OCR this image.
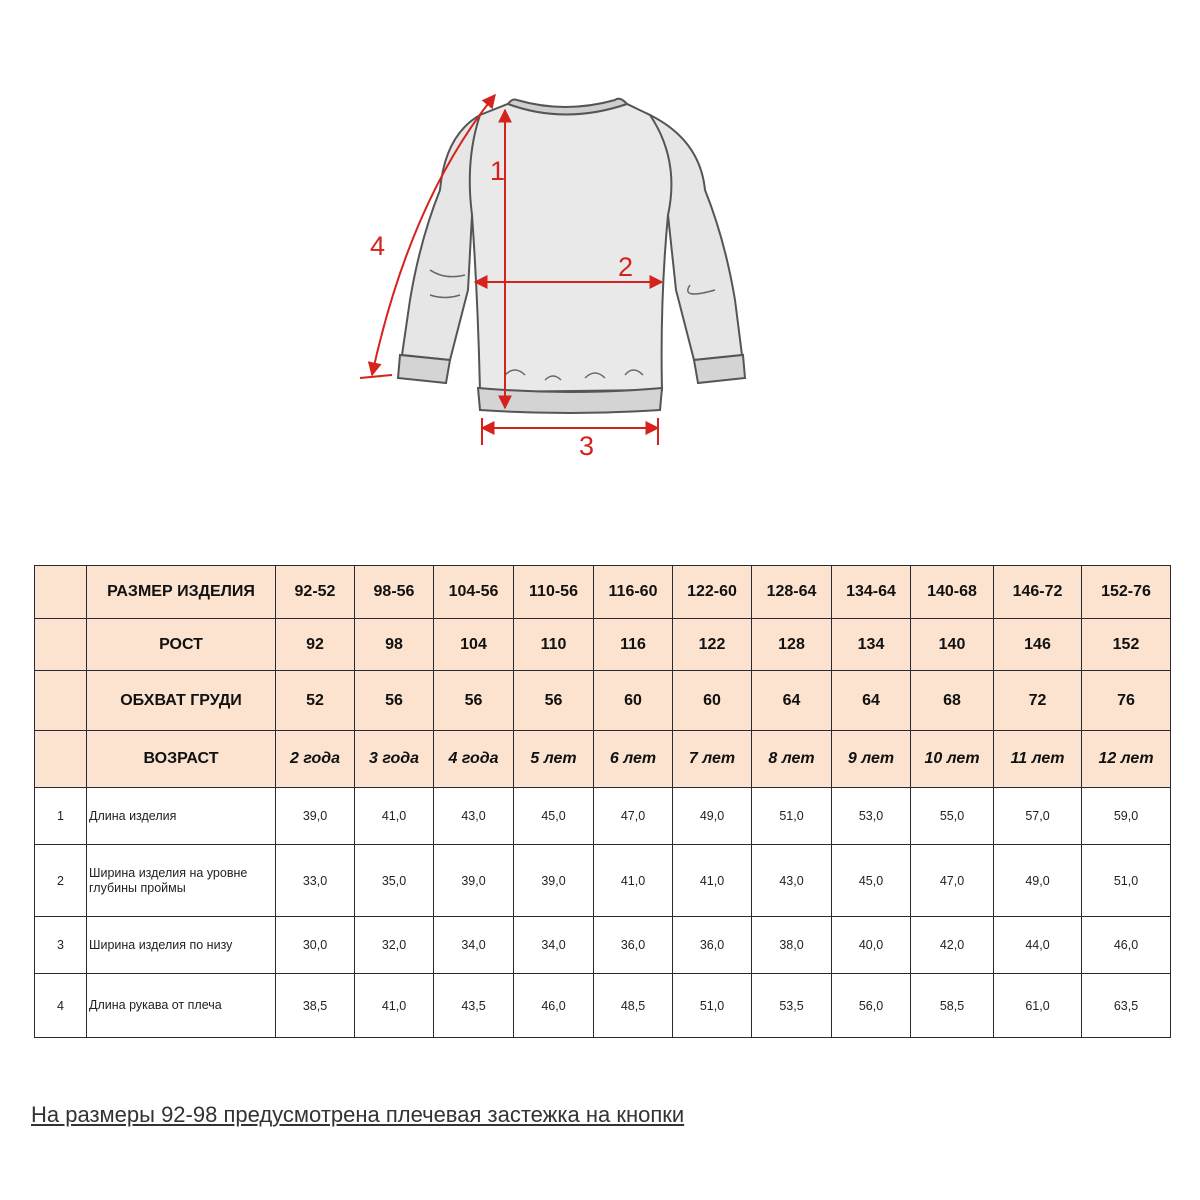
1
2
3
4
	РАЗМЕР ИЗДЕЛИЯ	92-52	98-56	104-56	110-56	116-60	122-60	128-64	134-64	140-68	146-72	152-76
	РОСТ	92	98	104	110	116	122	128	134	140	146	152
	ОБХВАТ ГРУДИ	52	56	56	56	60	60	64	64	68	72	76
	ВОЗРАСТ	2 года	3 года	4 года	5 лет	6 лет	7 лет	8 лет	9 лет	10 лет	11 лет	12 лет
1	Длина изделия	39,0	41,0	43,0	45,0	47,0	49,0	51,0	53,0	55,0	57,0	59,0
2	Ширина изделия на уровне глубины проймы	33,0	35,0	39,0	39,0	41,0	41,0	43,0	45,0	47,0	49,0	51,0
3	Ширина изделия по низу	30,0	32,0	34,0	34,0	36,0	36,0	38,0	40,0	42,0	44,0	46,0
4	Длина рукава от плеча	38,5	41,0	43,5	46,0	48,5	51,0	53,5	56,0	58,5	61,0	63,5
На размеры 92-98 предусмотрена плечевая застежка на кнопки
